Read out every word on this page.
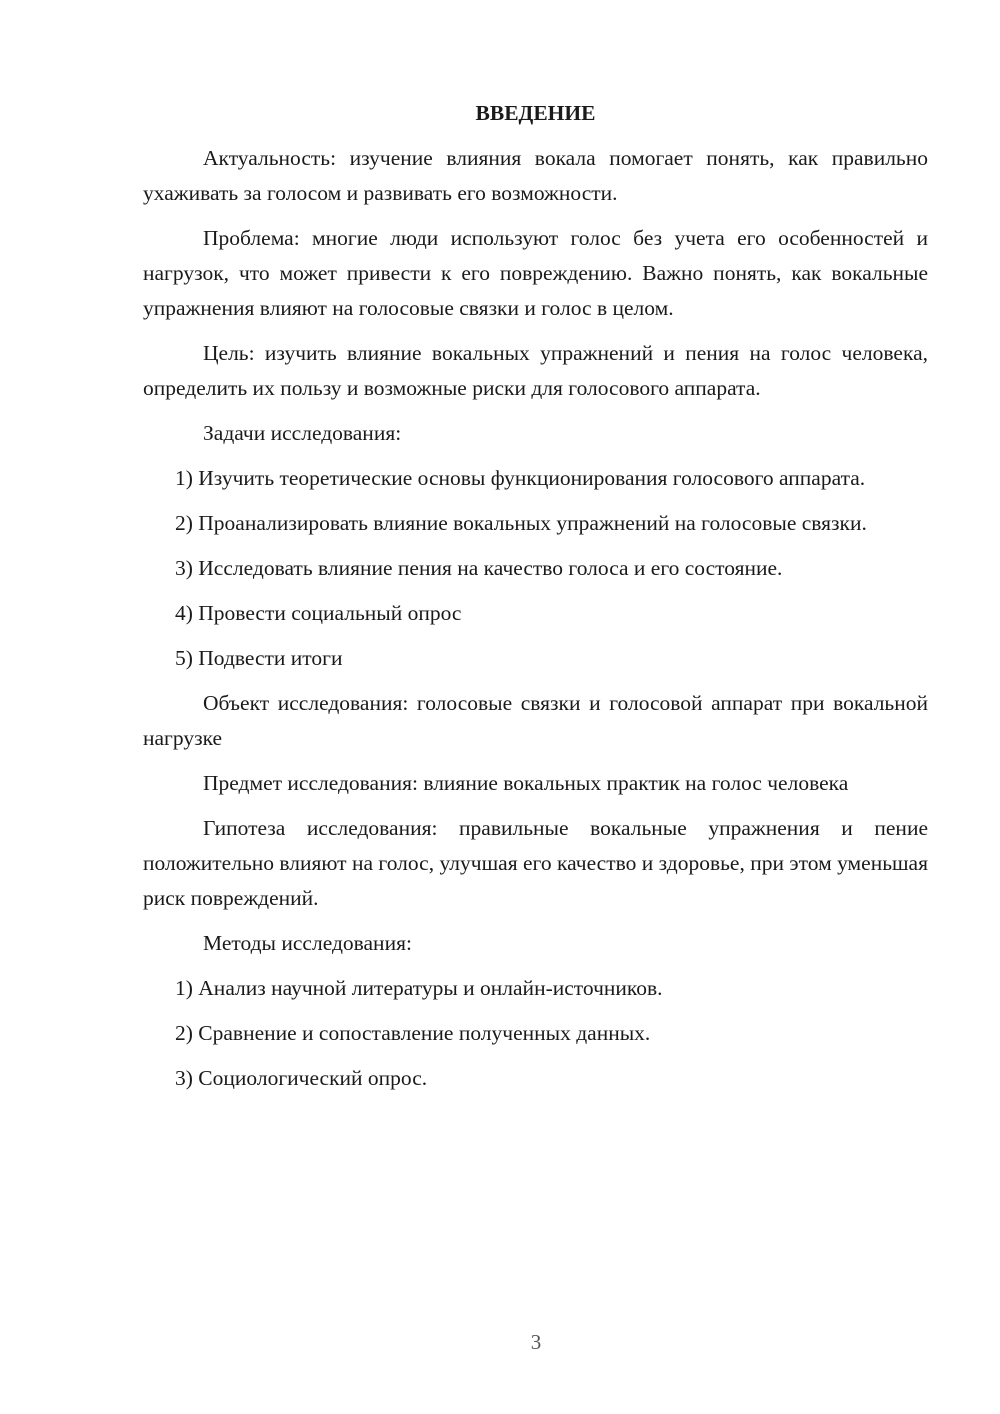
ВВЕДЕНИЕ

Актуальность: изучение влияния вокала помогает понять, как правильно ухаживать за голосом и развивать его возможности.

Проблема: многие люди используют голос без учета его особенностей и нагрузок, что может привести к его повреждению. Важно понять, как вокальные упражнения влияют на голосовые связки и голос в целом.

Цель: изучить влияние вокальных упражнений и пения на голос человека, определить их пользу и возможные риски для голосового аппарата.

Задачи исследования:

1) Изучить теоретические основы функционирования голосового аппарата.

2) Проанализировать влияние вокальных упражнений на голосовые связки.

3) Исследовать влияние пения на качество голоса и его состояние.

4) Провести социальный опрос

5) Подвести итоги

Объект исследования: голосовые связки и голосовой аппарат при вокальной нагрузке

Предмет исследования: влияние вокальных практик на голос человека

Гипотеза исследования: правильные вокальные упражнения и пение положительно влияют на голос, улучшая его качество и здоровье, при этом уменьшая риск повреждений.

Методы исследования:

1) Анализ научной литературы и онлайн-источников.

2) Сравнение и сопоставление полученных данных.

3) Социологический опрос.

3
